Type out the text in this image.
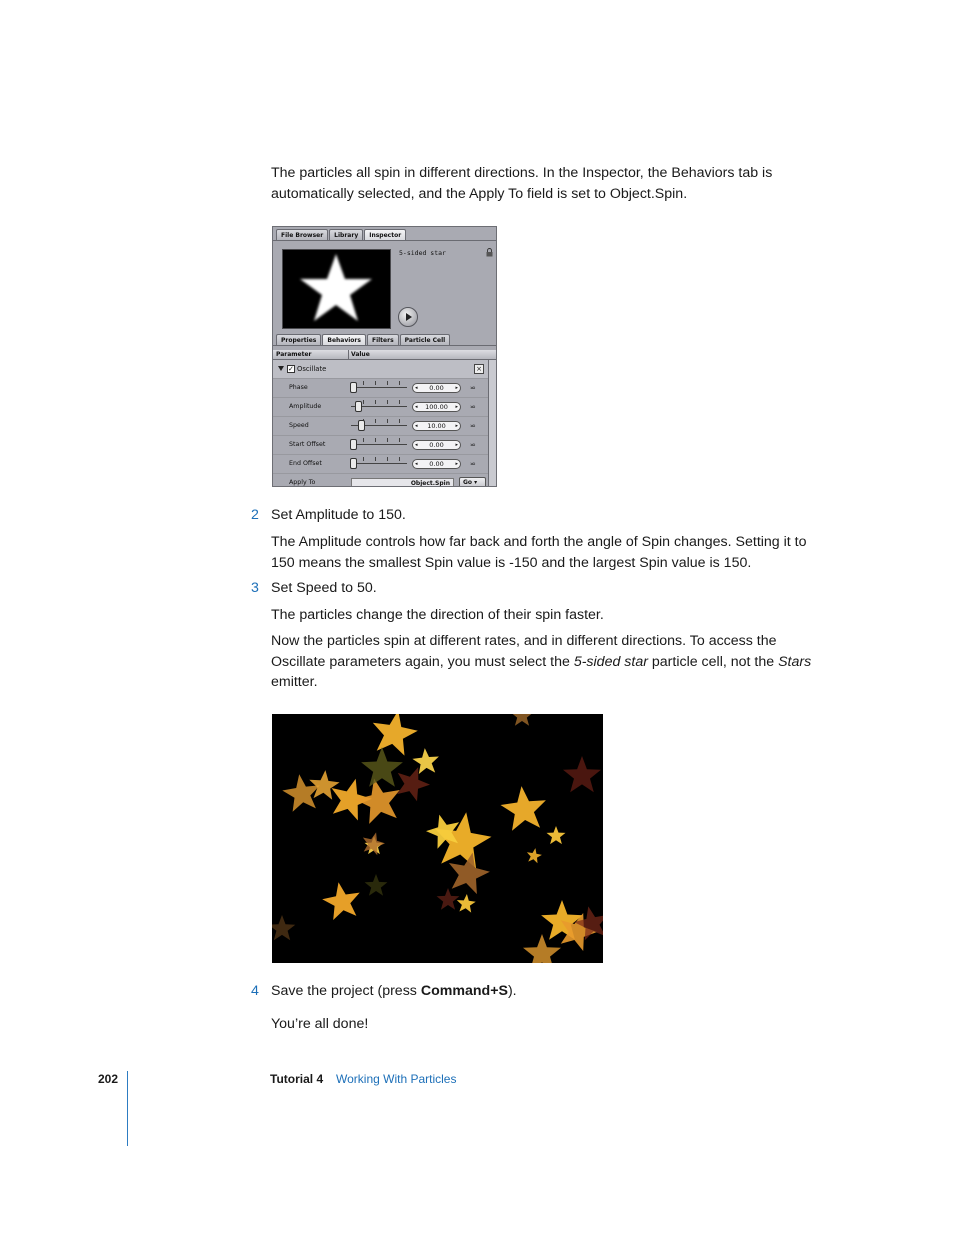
The particles all spin in different directions. In the Inspector, the Behaviors tab is automatically selected, and the Apply To field is set to Object.Spin.

File Browser	Library	Inspector
5-sided star
Properties	Behaviors	Filters	Particle Cell
Parameter	Value
✓
Oscillate	×
Phase	◂ 0.00 ▸	⋍
Amplitude	◂ 100.00 ▸	⋍
Speed	◂ 10.00 ▸	⋍
Start Offset	◂ 0.00 ▸	⋍
End Offset	◂ 0.00 ▸	⋍
Apply To	Object.Spin	Go ▾
2 Set Amplitude to 150.

The Amplitude controls how far back and forth the angle of Spin changes. Setting it to 150 means the smallest Spin value is -150 and the largest Spin value is 150.

3 Set Speed to 50.

The particles change the direction of their spin faster.

Now the particles spin at different rates, and in different directions. To access the Oscillate parameters again, you must select the 5-sided star particle cell, not the Stars emitter.

4 Save the project (press Command+S).

You’re all done!

202	Tutorial 4 Working With Particles
